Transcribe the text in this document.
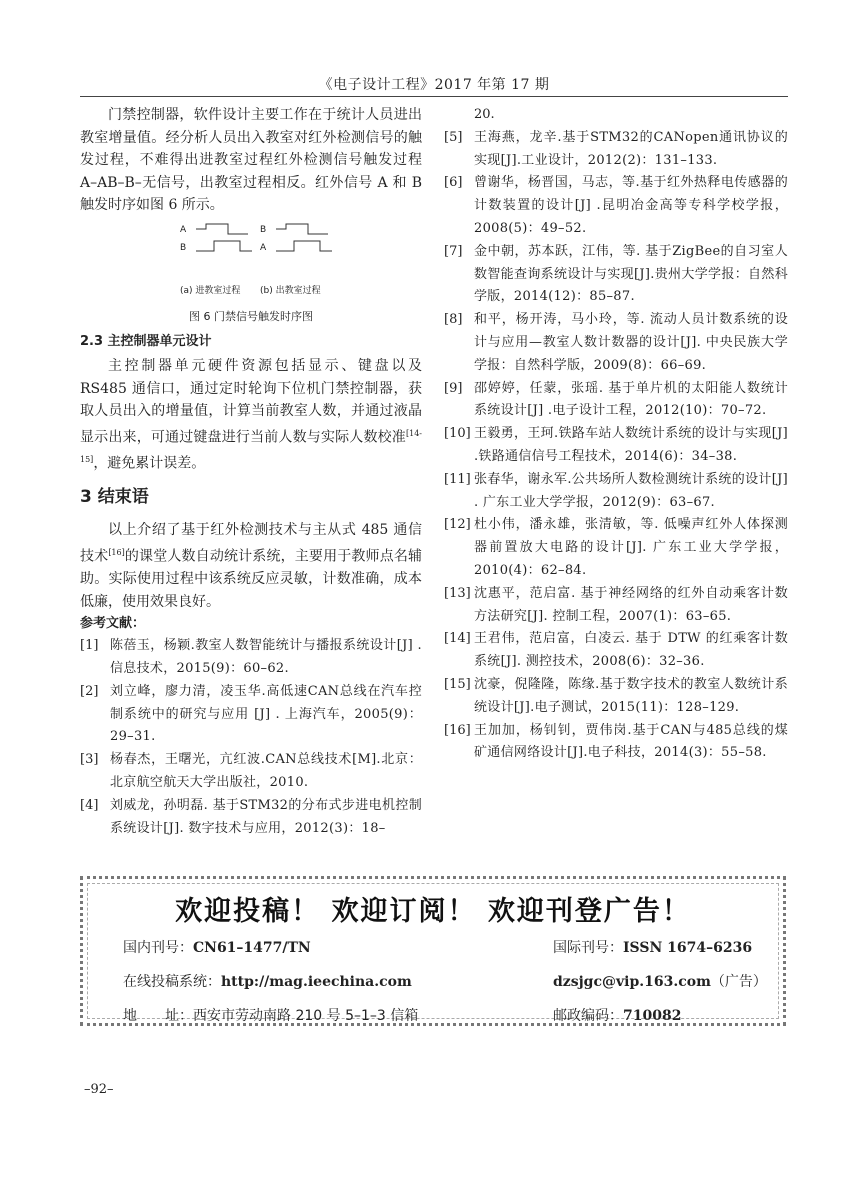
《电子设计工程》2017 年第 17 期

门禁控制器，软件设计主要工作在于统计人员进出教室增量值。经分析人员出入教室对红外检测信号的触发过程，不难得出进教室过程红外检测信号触发过程 A–AB–B–无信号，出教室过程相反。红外信号 A 和 B 触发时序如图 6 所示。

A
B
(a) 进教室过程
B
A
(b) 出教室过程
图 6 门禁信号触发时序图
2.3 主控制器单元设计

主控制器单元硬件资源包括显示、键盘以及 RS485 通信口，通过定时轮询下位机门禁控制器，获取人员出入的增量值，计算当前教室人数，并通过液晶显示出来，可通过键盘进行当前人数与实际人数校准[14-15]，避免累计误差。

3 结束语

以上介绍了基于红外检测技术与主从式 485 通信技术[16]的课堂人数自动统计系统，主要用于教师点名辅助。实际使用过程中该系统反应灵敏，计数准确，成本低廉，使用效果良好。

参考文献：
[1] 陈蓓玉，杨颖.教室人数智能统计与播报系统设计[J] .信息技术，2015(9)：60–62.
[2] 刘立峰，廖力清，凌玉华.高低速CAN总线在汽车控制系统中的研究与应用 [J] . 上海汽车，2005(9)：29–31.
[3] 杨春杰，王曙光，亢红波.CAN总线技术[M].北京：北京航空航天大学出版社，2010.
[4] 刘威龙，孙明磊. 基于STM32的分布式步进电机控制系统设计[J]. 数字技术与应用，2012(3)：18–

20.

[5] 王海燕，龙辛.基于STM32的CANopen通讯协议的实现[J].工业设计，2012(2)：131–133.
[6] 曾谢华，杨晋国，马志，等.基于红外热释电传感器的计数装置的设计[J] .昆明冶金高等专科学校学报，2008(5)：49–52.
[7] 金中朝，苏本跃，江伟，等. 基于ZigBee的自习室人数智能查询系统设计与实现[J].贵州大学学报：自然科学版，2014(12)：85–87.
[8] 和平，杨开涛，马小玲，等. 流动人员计数系统的设计与应用—教室人数计数器的设计[J]. 中央民族大学学报：自然科学版，2009(8)：66–69.
[9] 邵婷婷，任蒙，张瑶. 基于单片机的太阳能人数统计系统设计[J] .电子设计工程，2012(10)：70–72.
[10] 王毅勇，王珂.铁路车站人数统计系统的设计与实现[J] .铁路通信信号工程技术，2014(6)：34–38.
[11] 张春华，谢永军.公共场所人数检测统计系统的设计[J] . 广东工业大学学报，2012(9)：63–67.
[12] 杜小伟，潘永雄，张清敏，等. 低噪声红外人体探测器前置放大电路的设计[J]. 广东工业大学学报，2010(4)：62–84.
[13] 沈惠平，范启富. 基于神经网络的红外自动乘客计数方法研究[J]. 控制工程，2007(1)：63–65.
[14] 王君伟，范启富，白凌云. 基于 DTW 的红乘客计数系统[J]. 测控技术，2008(6)：32–36.
[15] 沈豪，倪隆隆，陈缘.基于数字技术的教室人数统计系统设计[J].电子测试，2015(11)：128–129.
[16] 王加加，杨钊钊，贾伟岗.基于CAN与485总线的煤矿通信网络设计[J].电子科技，2014(3)：55–58.
欢迎投稿！ 欢迎订阅！ 欢迎刊登广告！
国内刊号：CN61–1477/TN	国际刊号：ISSN 1674–6236
在线投稿系统：http://mag.ieechina.com	dzsjgc@vip.163.com（广告）
地　　址：西安市劳动南路 210 号 5–1–3 信箱	邮政编码：710082
–92–
